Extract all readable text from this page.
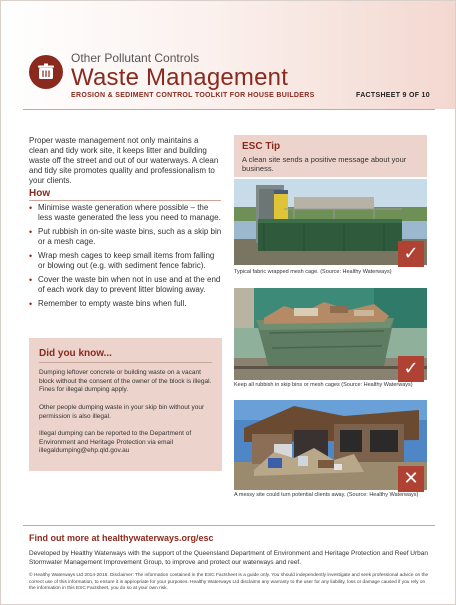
Other Pollutant Controls
Waste Management
EROSION & SEDIMENT CONTROL TOOLKIT FOR HOUSE BUILDERS	FACTSHEET 9 OF 10

Proper waste management not only maintains a clean and tidy work site, it keeps litter and building waste off the street and out of our waterways. A clean and tidy site promotes quality and professionalism to your clients.

How
• Minimise waste generation where possible – the less waste generated the less you need to manage.
• Put rubbish in on-site waste bins, such as a skip bin or a mesh cage.
• Wrap mesh cages to keep small items from falling or blowing out (e.g. with sediment fence fabric).
• Cover the waste bin when not in use and at the end of each work day to prevent litter blowing away.
• Remember to empty waste bins when full.
Did you know...

Dumping leftover concrete or building waste on a vacant block without the consent of the owner of the block is illegal. Fines for illegal dumping apply.

Other people dumping waste in your skip bin without your permission is also illegal.

Illegal dumping can be reported to the Department of Environment and Heritage Protection via email illegaldumping@ehp.qld.gov.au

ESC Tip

A clean site sends a positive message about your business.

✓

Typical fabric wrapped mesh cage. (Source: Healthy Waterways)

✓

Keep all rubbish in skip bins or mesh cages (Source: Healthy Waterways)

✕

A messy site could turn potential clients away. (Source: Healthy Waterways)

Find out more at healthywaterways.org/esc

Developed by Healthy Waterways with the support of the Queensland Department of Environment and Heritage Protection and Reef Urban Stormwater Management Improvement Group, to improve and protect our waterways and reef.

© Healthy Waterways Ltd 2014-2015. Disclaimer: The information contained in the ESC Factsheet is a guide only. You should independently investigate and seek professional advice on the correct use of this information, to ensure it is appropriate for your purposes. Healthy Waterways Ltd disclaims any warranty to the user for any liability, loss or damage caused if you rely on the information in this ESC Factsheet, you do so at your own risk.
